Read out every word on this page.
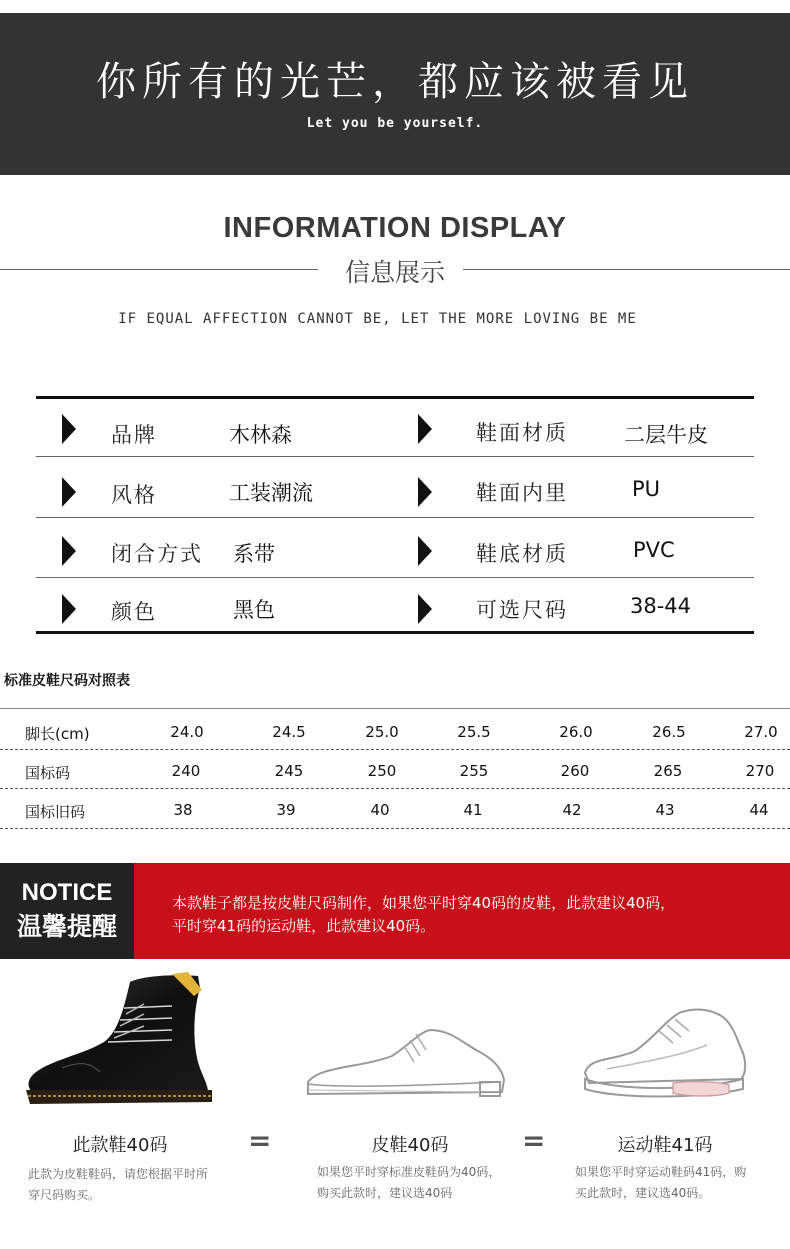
你所有的光芒，都应该被看见
Let you be yourself.
INFORMATION DISPLAY
信息展示
IF EQUAL AFFECTION CANNOT BE, LET THE MORE LOVING BE ME
品牌	木林森	鞋面材质	二层牛皮
风格	工装潮流	鞋面内里	PU
闭合方式 系带	鞋底材质	PVC
颜色	黑色	可选尺码	38-44
标准皮鞋尺码对照表
脚长(cm)	24.0	24.5	25.0	25.5	26.0	26.5	27.0
国标码	240	245	250	255	260	265	270
国标旧码	38	39	40	41	42	43	44
NOTICE
温馨提醒
本款鞋子都是按皮鞋尺码制作，如果您平时穿40码的皮鞋，此款建议40码，
平时穿41码的运动鞋，此款建议40码。
此款鞋40码	=	皮鞋40码	=	运动鞋41码
此款为皮鞋鞋码，请您根据平时所
穿尺码购买。
如果您平时穿标准皮鞋码为40码，
购买此款时，建议选40码
如果您平时穿运动鞋码41码，购
买此款时，建议选40码。
